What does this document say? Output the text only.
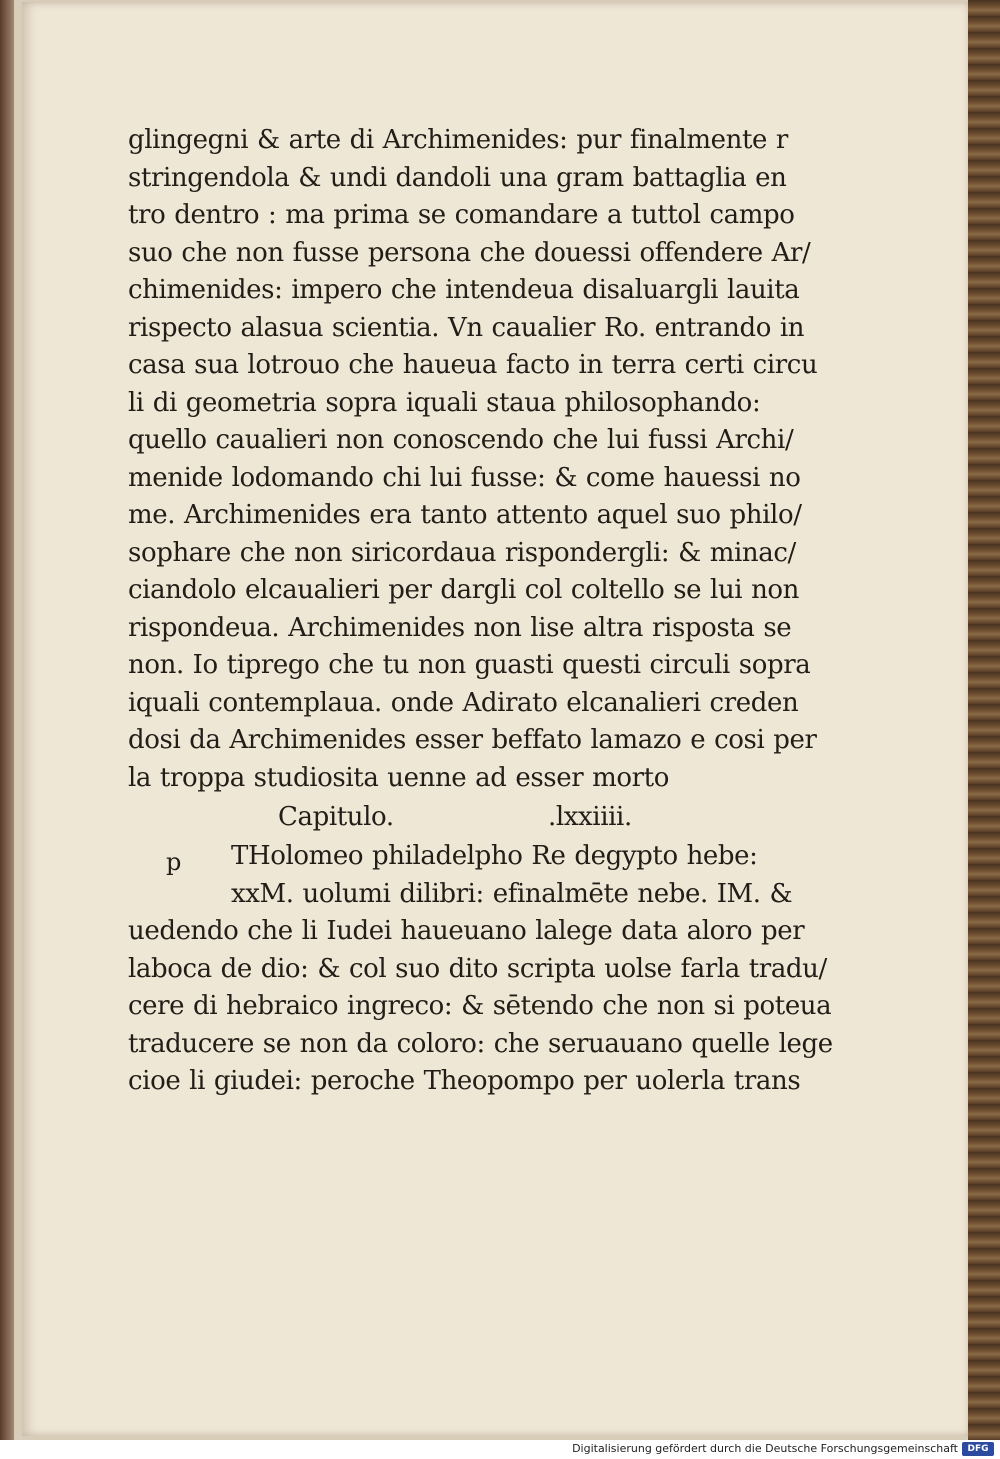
glingegni & arte di Archimenides: pur finalmente r
stringendola & undi dandoli una gram battaglia en
tro dentro : ma prima se comandare a tuttol campo
suo che non fusse persona che douessi offendere Ar/
chimenides: impero che intendeua disaluargli lauita
rispecto alasua scientia. Vn caualier Ro. entrando in
casa sua lotrouo che haueua facto in terra certi circu
li di geometria sopra iquali staua philosophando:
quello caualieri non conoscendo che lui fussi Archi/
menide lodomando chi lui fusse: & come hauessi no
me. Archimenides era tanto attento aquel suo philo/
sophare che non siricordaua rispondergli: & minac/
ciandolo elcaualieri per dargli col coltello se lui non
rispondeua. Archimenides non lise altra risposta se
non. Io tiprego che tu non guasti questi circuli sopra
iquali contemplaua. onde Adirato elcanalieri creden
dosi da Archimenides esser beffato lamazo e cosi per
la troppa studiosita uenne ad esser morto
Capitulo.	.lxxiiii.
p THolomeo philadelpho Re degypto hebe:
xxM. uolumi dilibri: efinalmēte nebe. IM. &
uedendo che li Iudei haueuano lalege data aloro per
laboca de dio: & col suo dito scripta uolse farla tradu/
cere di hebraico ingreco: & sētendo che non si poteua
traducere se non da coloro: che seruauano quelle lege
cioe li giudei: peroche Theopompo per uolerla trans
Digitalisierung gefördert durch die Deutsche Forschungsgemeinschaft	DFG
